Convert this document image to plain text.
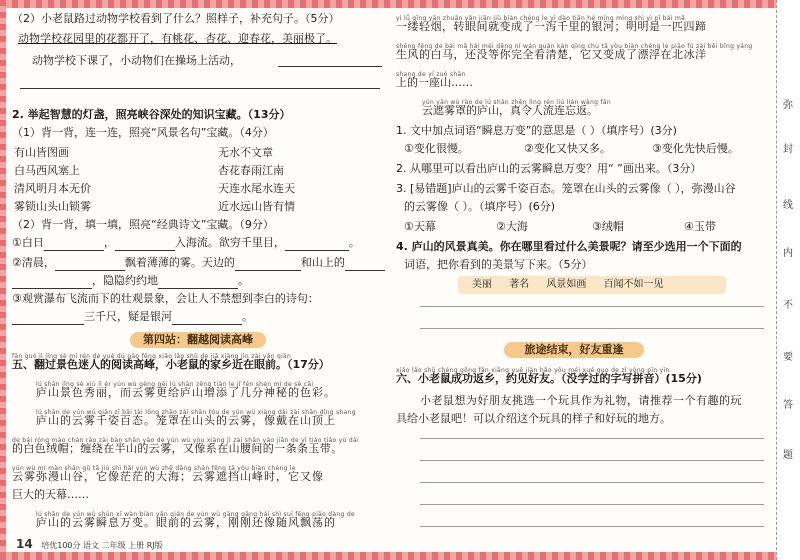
（2）小老鼠路过动物学校看到了什么？照样子，补充句子。（5分）
动物学校花园里的花都开了，有桃花、杏花、迎春花，美丽极了。
动物学校下课了，小动物们在操场上活动，
2. 举起智慧的灯盏，照亮峡谷深处的知识宝藏。（13分）
（1）背一背，连一连，照亮“风景名句”宝藏。（4分）
有山皆图画	无水不文章
白马西风塞上	杏花春雨江南
清风明月本无价	天连水尾水连天
雾锁山头山锁雾	近水远山皆有情
（2）背一背，填一填，照亮“经典诗文”宝藏。（9分）
①白日	，	入海流。欲穷千里目，	。
②清晨，	飘着薄薄的雾。天边的	和山上的
，隐隐约约地	。
③观赏瀑布飞流而下的壮观景象，会让人不禁想到李白的诗句：
三千尺，疑是银河	。
第四站：翻越阅读高峰
fān guò lì jǐng sè mí rén de yuè dú gāo fēng xiǎo lǎo shǔ de jiā xiāng jìn zài yǎn qián
五、翻过景色迷人的阅读高峰，小老鼠的家乡近在眼前。（17分）
lú shān jǐng sè xiù lì ér yún wù gèng gěi lú shān zēng tiān le jǐ fēn shén mì de sè cǎi
庐山景色秀丽，而云雾更给庐山增添了几分神秘的色彩。
lú shān de yún wù qiān zī bǎi tài lǒng zhào zài shān tóu de yún wù xiàng dài zài shān dǐng shang
庐山的云雾千姿百态。笼罩在山头的云雾，像戴在山顶上
de bái róng mào chán rào zài bàn shān yāo de yún wù yòu xiàng jì zài shān yāo jiān de yì tiáo tiáo yù dài
的白色绒帽；缠绕在半山的云雾，又像系在山腰间的一条条玉带。
yún wù mí màn shān gǔ tā jiù shì hǎi yún wù zhē dǎng shān fēng tā yòu biàn chéng le
云雾弥漫山谷，它像茫茫的大海；云雾遮挡山峰时，它又像
巨大的天幕……
lú shān de yún wù shùn xī wàn biàn yǎn qián de yún wù gāng gāng hái shì suí fēng piāo dàng de
庐山的云雾瞬息万变。眼前的云雾，刚刚还像随风飘荡的
yì lǚ qīng yān zhuǎn yǎn jiān jiù biàn chéng le yì dào tiān hé míng míng shì yì pǐ bái mǎ
一缕轻烟，转眼间就变成了一泻千里的银河；明明是一匹四蹄
shēng fēng de bái mǎ hái méi děng nǐ wán quán kàn qīng chu tā yòu biàn chéng le piāo fú zài běi bīng yáng
生风的白马，还没等你完全看清楚，它又变成了漂浮在北冰洋
shang de yí zuò shān
上的一座山……
yún yān wù rào de lú shān zhēn lìng rén liú lián wàng fǎn
云遮雾罩的庐山，真令人流连忘返。
1. 文中加点词语“瞬息万变”的意思是（ ）（填序号）(3分)
①变化很慢。	②变化又快又多。	③变化先快后慢。
2. 从哪里可以看出庐山的云雾瞬息万变？用“ ”画出来。（3分）
3. [易错题]庐山的云雾千姿百态。笼罩在山头的云雾像（ ），弥漫山谷
的云雾像（ ）。（填序号）(6分)
①天幕	②大海	③绒帽	④玉带
4. 庐山的风景真美。你在哪里看过什么美景呢？请至少选用一个下面的
词语，把你看到的美景写下来。（5分）
美丽 著名 风景如画 百闻不如一见
旅途结束，好友重逢
xiǎo lǎo shǔ chéng gōng fǎn xiāng yuē jiàn hǎo yǒu méi xué guo de zì yòng pīn yīn
六、小老鼠成功返乡，约见好友。（没学过的字写拼音）(15分)
小老鼠想为好朋友挑选一个玩具作为礼物，请推荐一个有趣的玩
具给小老鼠吧！可以介绍这个玩具的样子和好玩的地方。
弥
封
线
内
不
要
答
题
14 培优100分 语文 二年级 上册 RJ版
